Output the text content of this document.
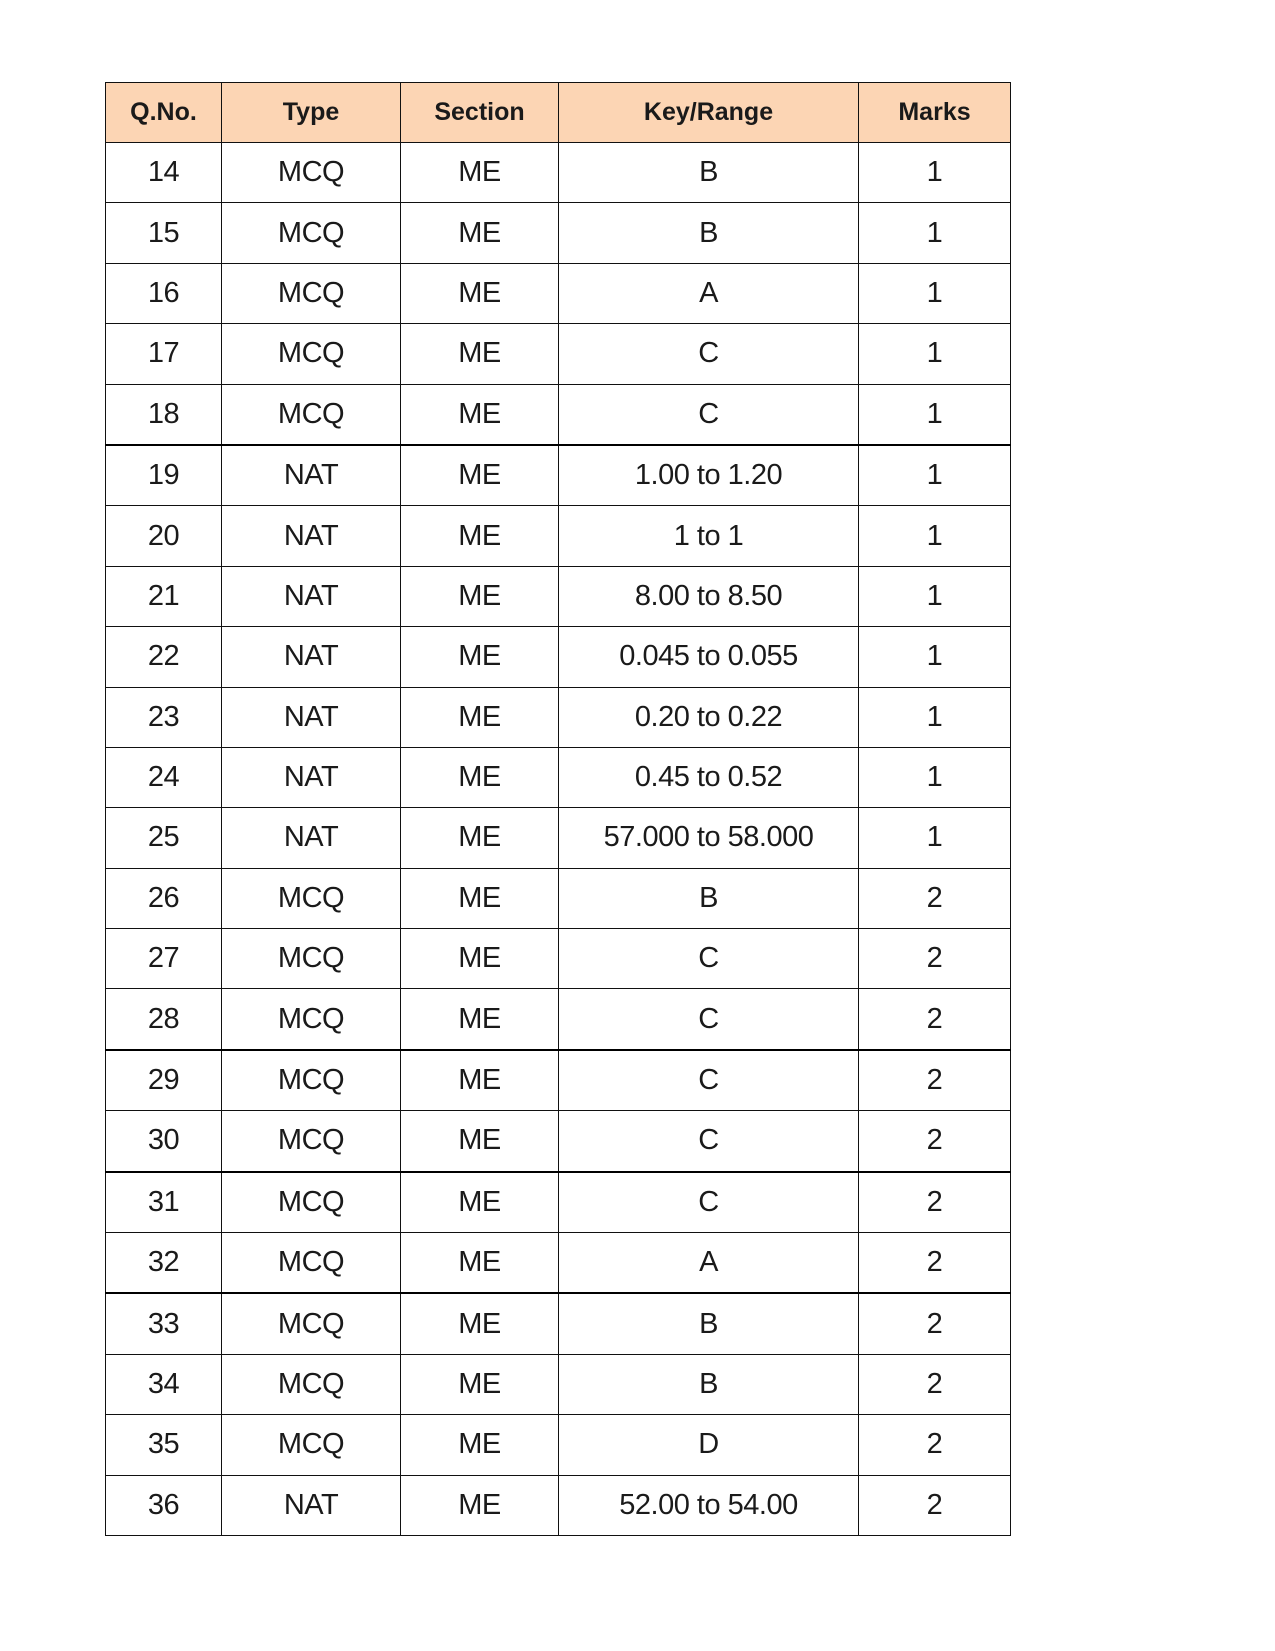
Q.No.	Type	Section	Key/Range	Marks
14	MCQ	ME	B	1
15	MCQ	ME	B	1
16	MCQ	ME	A	1
17	MCQ	ME	C	1
18	MCQ	ME	C	1
19	NAT	ME	1.00 to 1.20	1
20	NAT	ME	1 to 1	1
21	NAT	ME	8.00 to 8.50	1
22	NAT	ME	0.045 to 0.055	1
23	NAT	ME	0.20 to 0.22	1
24	NAT	ME	0.45 to 0.52	1
25	NAT	ME	57.000 to 58.000	1
26	MCQ	ME	B	2
27	MCQ	ME	C	2
28	MCQ	ME	C	2
29	MCQ	ME	C	2
30	MCQ	ME	C	2
31	MCQ	ME	C	2
32	MCQ	ME	A	2
33	MCQ	ME	B	2
34	MCQ	ME	B	2
35	MCQ	ME	D	2
36	NAT	ME	52.00 to 54.00	2
